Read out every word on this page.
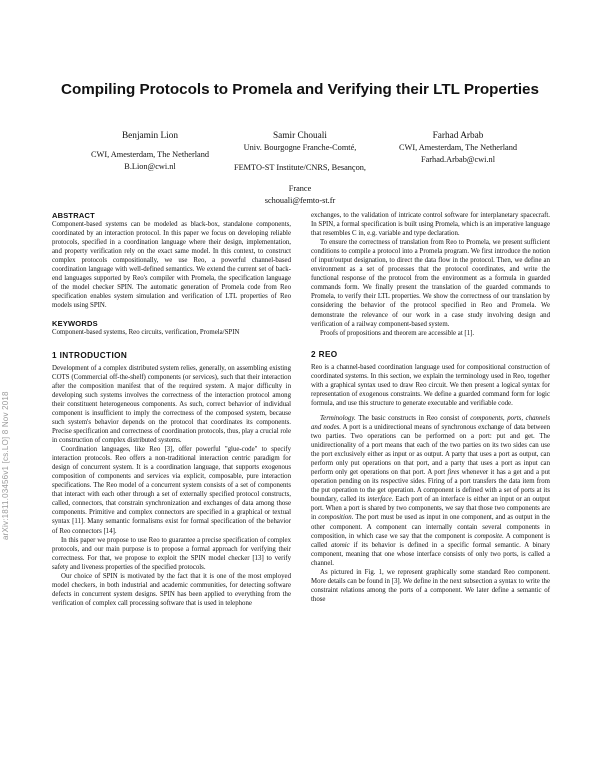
Compiling Protocols to Promela and Verifying their LTL Properties
Benjamin Lion
CWI, Amesterdam, The Netherland
B.Lion@cwi.nl
Samir Chouali
Univ. Bourgogne Franche-Comté,
FEMTO-ST Institute/CNRS, Besançon,
France
schouali@femto-st.fr
Farhad Arbab
CWI, Amesterdam, The Netherland
Farhad.Arbab@cwi.nl
arXiv:1811.03456v1 [cs.LO] 8 Nov 2018
ABSTRACT

Component-based systems can be modeled as black-box, standalone components, coordinated by an interaction protocol. In this paper we focus on developing reliable protocols, specified in a coordination language where their design, implementation, and property verification rely on the exact same model. In this context, to construct complex protocols compositionally, we use Reo, a powerful channel-based coordination language with well-defined semantics. We extend the current set of back-end languages supported by Reo's compiler with Promela, the specification language of the model checker SPIN. The automatic generation of Promela code from Reo specification enables system simulation and verification of LTL properties of Reo models using SPIN.

KEYWORDS

Component-based systems, Reo circuits, verification, Promela/SPIN

1 INTRODUCTION

Development of a complex distributed system relies, generally, on assembling existing COTS (Commercial off-the-shelf) components (or services), such that their interaction after the composition manifest that of the required system. A major difficulty in developing such systems involves the correctness of the interaction protocol among their constituent heterogeneous components. As such, correct behavior of individual component is insufficient to imply the correctness of the composed system, because such system's behavior depends on the protocol that coordinates its components. Precise specification and correctness of coordination protocols, thus, play a crucial role in construction of complex distributed systems.

Coordination languages, like Reo [3], offer powerful "glue-code" to specify interaction protocols. Reo offers a non-traditional interaction centric paradigm for design of concurrent system. It is a coordination language, that supports exogenous composition of components and services via explicit, composable, pure interaction specifications. The Reo model of a concurrent system consists of a set of components that interact with each other through a set of externally specified protocol constructs, called, connectors, that constrain synchronization and exchanges of data among those components. Primitive and complex connectors are specified in a graphical or textual syntax [11]. Many semantic formalisms exist for formal specification of the behavior of Reo connectors [14].

In this paper we propose to use Reo to guarantee a precise specification of complex protocols, and our main purpose is to propose a formal approach for verifying their correctness. For that, we propose to exploit the SPIN model checker [13] to verify safety and liveness properties of the specified protocols.

Our choice of SPIN is motivated by the fact that it is one of the most employed model checkers, in both industrial and academic communities, for detecting software defects in concurrent system designs. SPIN has been applied to everything from the verification of complex call processing software that is used in telephone

exchanges, to the validation of intricate control software for interplanetary spacecraft. In SPIN, a formal specification is built using Promela, which is an imperative language that resembles C in, e.g. variable and type declaration.

To ensure the correctness of translation from Reo to Promela, we present sufficient conditions to compile a protocol into a Promela program. We first introduce the notion of input/output designation, to direct the data flow in the protocol. Then, we define an environment as a set of processes that the protocol coordinates, and write the functional response of the protocol from the environment as a formula in guarded commands form. We finally present the translation of the guarded commands to Promela, to verify their LTL properties. We show the correctness of our translation by considering the behavior of the protocol specified in Reo and Promela. We demonstrate the relevance of our work in a case study involving design and verification of a railway component-based system.

Proofs of propositions and theorem are accessible at [1].

2 REO

Reo is a channel-based coordination language used for compositional construction of coordinated systems. In this section, we explain the terminology used in Reo, together with a graphical syntax used to draw Reo circuit. We then present a logical syntax for representation of exogenous constraints. We define a guarded command form for logic formula, and use this structure to generate executable and verifiable code.

Terminology. The basic constructs in Reo consist of components, ports, channels and nodes. A port is a unidirectional means of synchronous exchange of data between two parties. Two operations can be performed on a port: put and get. The unidirectionality of a port means that each of the two parties on its two sides can use the port exclusively either as input or as output. A party that uses a port as output, can perform only put operations on that port, and a party that uses a port as input can perform only get operations on that port. A port fires whenever it has a get and a put operation pending on its respective sides. Firing of a port transfers the data item from the put operation to the get operation. A component is defined with a set of ports at its boundary, called its interface. Each port of an interface is either an input or an output port. When a port is shared by two components, we say that those two components are in composition. The port must be used as input in one component, and as output in the other component. A component can internally contain several components in composition, in which case we say that the component is composite. A component is called atomic if its behavior is defined in a specific formal semantic. A binary component, meaning that one whose interface consists of only two ports, is called a channel.

As pictured in Fig. 1, we represent graphically some standard Reo component. More details can be found in [3]. We define in the next subsection a syntax to write the constraint relations among the ports of a component. We later define a semantic of those
